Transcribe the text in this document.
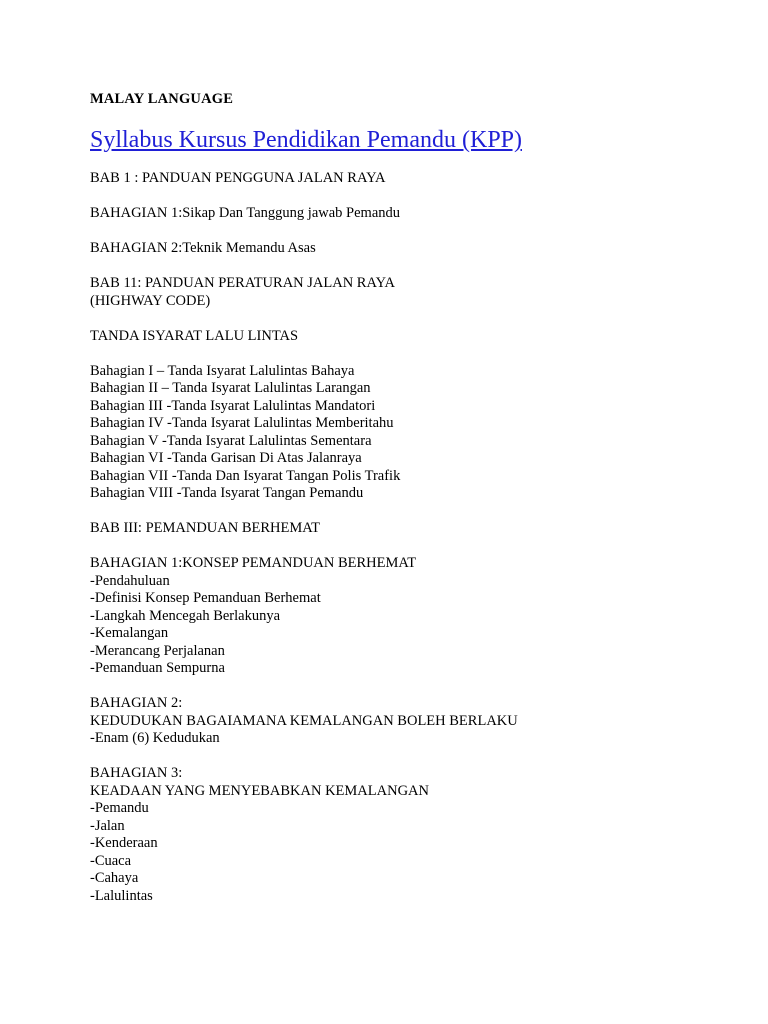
MALAY LANGUAGE
Syllabus Kursus Pendidikan Pemandu (KPP)
BAB 1 : PANDUAN PENGGUNA JALAN RAYA
BAHAGIAN 1:Sikap Dan Tanggung jawab Pemandu
BAHAGIAN 2:Teknik Memandu Asas
BAB 11: PANDUAN PERATURAN JALAN RAYA
(HIGHWAY CODE)
TANDA ISYARAT LALU LINTAS
Bahagian I – Tanda Isyarat Lalulintas Bahaya
Bahagian II – Tanda Isyarat Lalulintas Larangan
Bahagian III -Tanda Isyarat Lalulintas Mandatori
Bahagian IV -Tanda Isyarat Lalulintas Memberitahu
Bahagian V -Tanda Isyarat Lalulintas Sementara
Bahagian VI -Tanda Garisan Di Atas Jalanraya
Bahagian VII -Tanda Dan Isyarat Tangan Polis Trafik
Bahagian VIII -Tanda Isyarat Tangan Pemandu
BAB III: PEMANDUAN BERHEMAT
BAHAGIAN 1:KONSEP PEMANDUAN BERHEMAT
-Pendahuluan
-Definisi Konsep Pemanduan Berhemat
-Langkah Mencegah Berlakunya
-Kemalangan
-Merancang Perjalanan
-Pemanduan Sempurna
BAHAGIAN 2:
KEDUDUKAN BAGAIAMANA KEMALANGAN BOLEH BERLAKU
-Enam (6) Kedudukan
BAHAGIAN 3:
KEADAAN YANG MENYEBABKAN KEMALANGAN
-Pemandu
-Jalan
-Kenderaan
-Cuaca
-Cahaya
-Lalulintas
